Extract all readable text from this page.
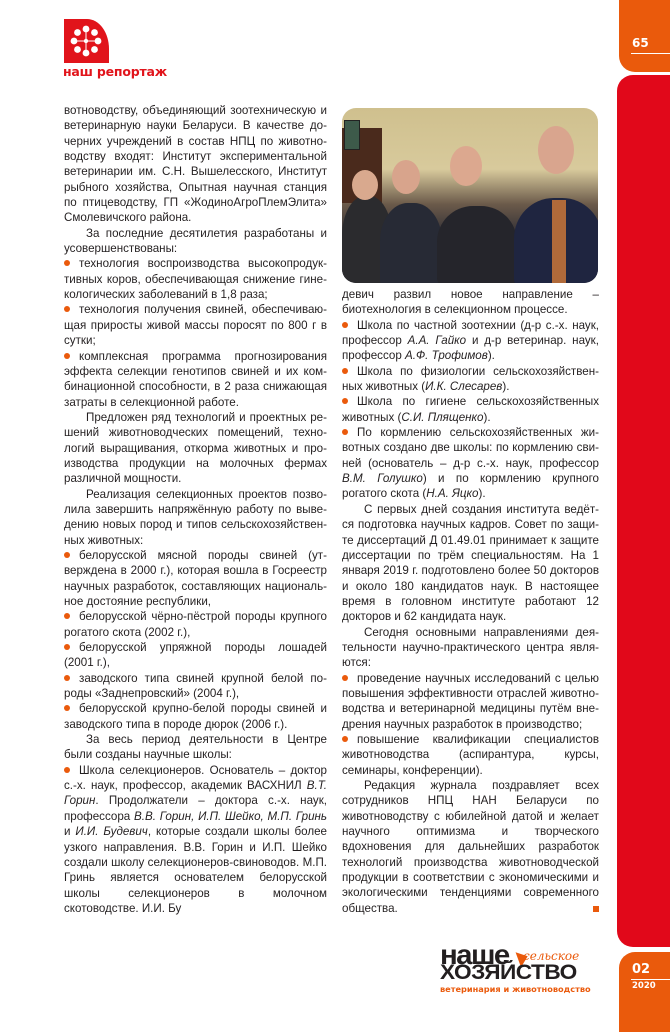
наш репортаж
65
02
2020

вотноводству, объединяющий зоотехническую и ветеринарную науки Беларуси. В качестве дочерних учреждений в состав НПЦ по животноводству входят: Институт экспериментальной ветеринарии им. С.Н. Вышелесского, Институт рыбного хозяйства, Опытная научная станция по птицеводству, ГП «ЖодиноАгроПлемЭлита» Смолевичского района.

За последние десятилетия разработаны и усовершенствованы:

технология воспроизводства высокопродуктивных коров, обеспечивающая снижение гинекологических заболеваний в 1,8 раза;

технология получения свиней, обеспечивающая приросты живой массы поросят по 800 г в сутки;

комплексная программа прогнозирования эффекта селекции генотипов свиней и их комбинационной способности, в 2 раза снижающая затраты в селекционной работе.

Предложен ряд технологий и проектных решений животноводческих помещений, технологий выращивания, откорма животных и производства продукции на молочных фермах различной мощности.

Реализация селекционных проектов позволила завершить напряжённую работу по выведению новых пород и типов сельскохозяйственных животных:

белорусской мясной породы свиней (утверждена в 2000 г.), которая вошла в Госреестр научных разработок, составляющих национальное достояние республики,

белорусской чёрно-пёстрой породы крупного рогатого скота (2002 г.),

белорусской упряжной породы лошадей (2001 г.),

заводского типа свиней крупной белой породы «Заднепровский» (2004 г.),

белорусской крупно-белой породы свиней и заводского типа в породе дюрок (2006 г.).

За весь период деятельности в Центре были созданы научные школы:

Школа селекционеров. Основатель – доктор с.-х. наук, профессор, академик ВАСХНИЛ В.Т. Горин. Продолжатели – доктора с.-х. наук, профессора В.В. Горин, И.П. Шейко, М.П. Гринь и И.И. Будевич, которые создали школы более узкого направления. В.В. Горин и И.П. Шейко создали школу селекционеров-свиноводов. М.П. Гринь является основателем белорусской школы селекционеров в молочном скотоводстве. И.И. Бу

девич развил новое направление – биотехнология в селекционном процессе.

Школа по частной зоотехнии (д-р с.-х. наук, профессор А.А. Гайко и д-р ветеринар. наук, профессор А.Ф. Трофимов).

Школа по физиологии сельскохозяйственных животных (И.К. Слесарев).

Школа по гигиене сельскохозяйственных животных (С.И. Плященко).

По кормлению сельскохозяйственных животных создано две школы: по кормлению свиней (основатель – д-р с.-х. наук, профессор В.М. Голушко) и по кормлению крупного рогатого скота (Н.А. Яцко).

С первых дней создания института ведётся подготовка научных кадров. Совет по защите диссертаций Д 01.49.01 принимает к защите диссертации по трём специальностям. На 1 января 2019 г. подготовлено более 50 докторов и около 180 кандидатов наук. В настоящее время в головном институте работают 12 докторов и 62 кандидата наук.

Сегодня основными направлениями деятельности научно-практического центра являются:

проведение научных исследований с целью повышения эффективности отраслей животноводства и ветеринарной медицины путём внедрения научных разработок в производство;

повышение квалификации специалистов животноводства (аспирантура, курсы, семинары, конференции).

Редакция журнала поздравляет всех сотрудников НПЦ НАН Беларуси по животноводству с юбилейной датой и желает научного оптимизма и творческого вдохновения для дальнейших разработок технологий производства животноводческой продукции в соответствии с экономическими и экологическими тенденциями современного общества.

наше сельское
ХОЗЯЙСТВО
ветеринария и животноводство
